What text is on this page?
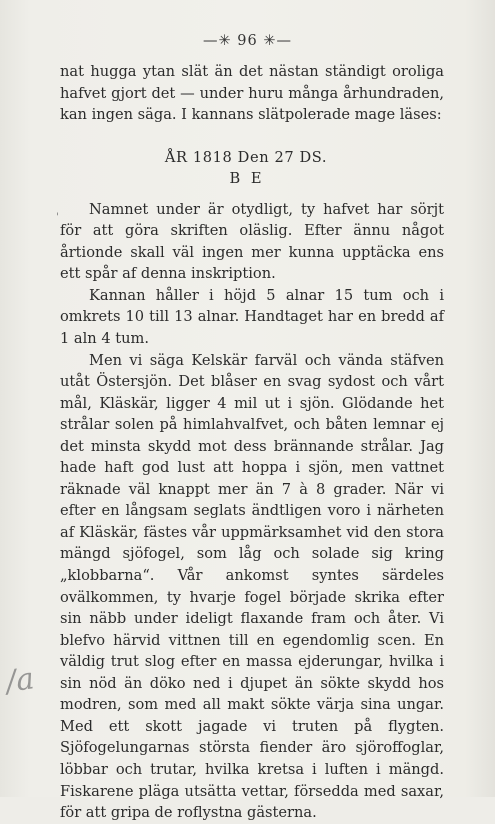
—✳ 96 ✳—
'

nat hugga ytan slät än det nästan ständigt oroliga hafvet gjort det — under huru många århundraden, kan ingen säga. I kannans slätpolerade mage läses:

ÅR 1818 Den 27 DS.

B E

Namnet under är otydligt, ty hafvet har sörjt för att göra skriften oläslig. Efter ännu något årtionde skall väl ingen mer kunna upptäcka ens ett spår af denna inskription.

Kannan håller i höjd 5 alnar 15 tum och i omkrets 10 till 13 alnar. Handtaget har en bredd af 1 aln 4 tum.

Men vi säga Kelskär farväl och vända stäfven utåt Östersjön. Det blåser en svag sydost och vårt mål, Kläskär, ligger 4 mil ut i sjön. Glödande het strålar solen på himlahvalfvet, och båten lemnar ej det minsta skydd mot dess brännande strålar. Jag hade haft god lust att hoppa i sjön, men vattnet räknade väl knappt mer än 7 à 8 grader. När vi efter en långsam seglats ändtligen voro i närheten af Kläskär, fästes vår uppmärksamhet vid den stora mängd sjöfogel, som låg och solade sig kring „klobbarna“. Vår ankomst syntes särdeles ovälkommen, ty hvarje fogel började skrika efter sin näbb under ideligt flaxande fram och åter. Vi blefvo härvid vittnen till en egendomlig scen. En väldig trut slog efter en massa ejderungar, hvilka i sin nöd än döko ned i djupet än sökte skydd hos modren, som med all makt sökte värja sina ungar. Med ett skott jagade vi truten på flygten. Sjöfogelungarnas största fiender äro sjöroffoglar, löbbar och trutar, hvilka kretsa i luften i mängd. Fiskarene pläga utsätta vettar, försedda med saxar, för att gripa de roflystna gästerna.

/a
